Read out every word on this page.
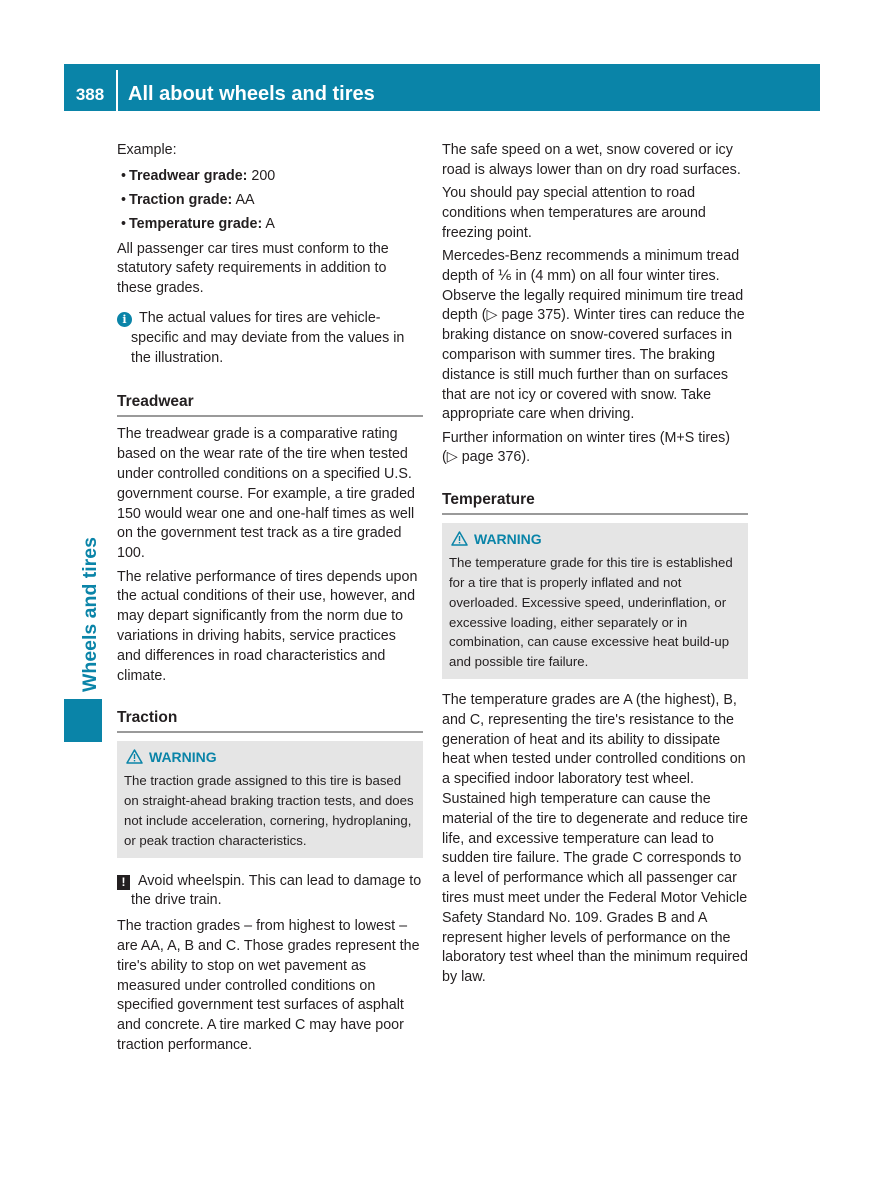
388	All about wheels and tires
Wheels and tires

Example:

• Treadwear grade: 200
• Traction grade: AA
• Temperature grade: A

All passenger car tires must conform to the statutory safety requirements in addition to these grades.

i The actual values for tires are vehicle-specific and may deviate from the values in the illustration.

Treadwear

The treadwear grade is a comparative rating based on the wear rate of the tire when tested under controlled conditions on a specified U.S. government course. For example, a tire graded 150 would wear one and one-half times as well on the government test track as a tire graded 100.

The relative performance of tires depends upon the actual conditions of their use, however, and may depart significantly from the norm due to variations in driving habits, service practices and differences in road characteristics and climate.

Traction
WARNING
The traction grade assigned to this tire is based on straight-ahead braking traction tests, and does not include acceleration, cornering, hydroplaning, or peak traction characteristics.

! Avoid wheelspin. This can lead to damage to the drive train.

The traction grades – from highest to lowest – are AA, A, B and C. Those grades represent the tire's ability to stop on wet pavement as measured under controlled conditions on specified government test surfaces of asphalt and concrete. A tire marked C may have poor traction performance.

The safe speed on a wet, snow covered or icy road is always lower than on dry road surfaces.

You should pay special attention to road conditions when temperatures are around freezing point.

Mercedes-Benz recommends a minimum tread depth of ⅙ in (4 mm) on all four winter tires. Observe the legally required minimum tire tread depth (▷ page 375). Winter tires can reduce the braking distance on snow-covered surfaces in comparison with summer tires. The braking distance is still much further than on surfaces that are not icy or covered with snow. Take appropriate care when driving.

Further information on winter tires (M+S tires) (▷ page 376).

Temperature
WARNING
The temperature grade for this tire is established for a tire that is properly inflated and not overloaded. Excessive speed, underinflation, or excessive loading, either separately or in combination, can cause excessive heat build-up and possible tire failure.

The temperature grades are A (the highest), B, and C, representing the tire's resistance to the generation of heat and its ability to dissipate heat when tested under controlled conditions on a specified indoor laboratory test wheel. Sustained high temperature can cause the material of the tire to degenerate and reduce tire life, and excessive temperature can lead to sudden tire failure. The grade C corresponds to a level of performance which all passenger car tires must meet under the Federal Motor Vehicle Safety Standard No. 109. Grades B and A represent higher levels of performance on the laboratory test wheel than the minimum required by law.
